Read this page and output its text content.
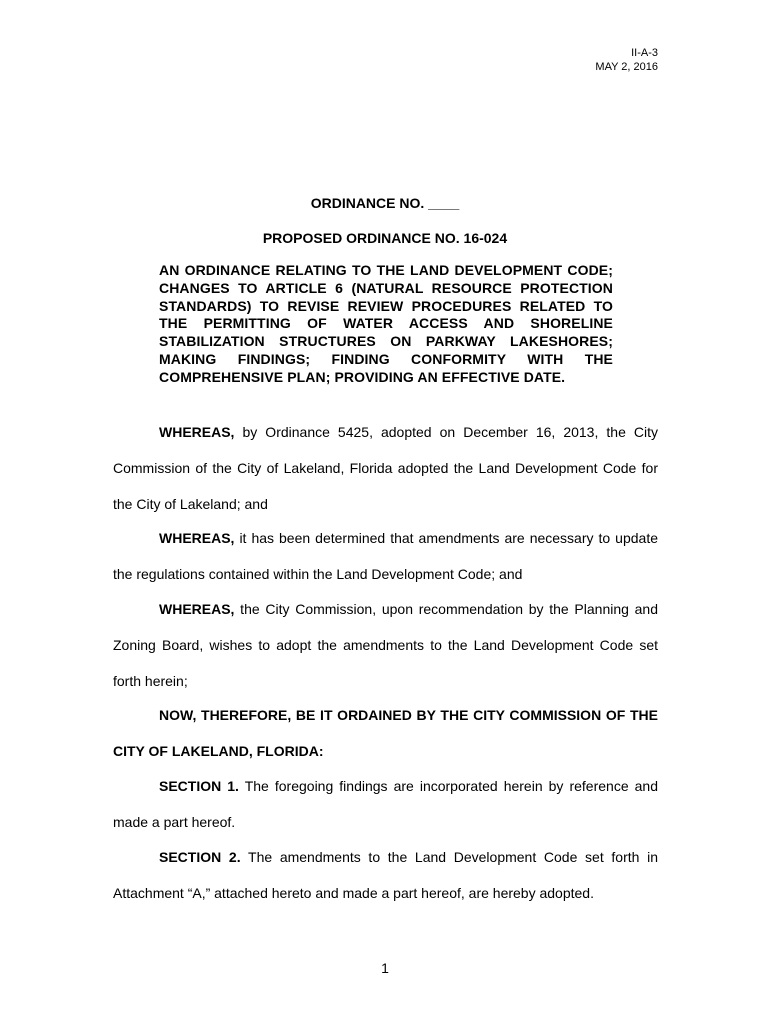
II-A-3
MAY 2, 2016
ORDINANCE NO. ____
PROPOSED ORDINANCE NO. 16-024
AN ORDINANCE RELATING TO THE LAND DEVELOPMENT CODE; CHANGES TO ARTICLE 6 (NATURAL RESOURCE PROTECTION STANDARDS) TO REVISE REVIEW PROCEDURES RELATED TO THE PERMITTING OF WATER ACCESS AND SHORELINE STABILIZATION STRUCTURES ON PARKWAY LAKESHORES; MAKING FINDINGS; FINDING CONFORMITY WITH THE COMPREHENSIVE PLAN; PROVIDING AN EFFECTIVE DATE.
WHEREAS, by Ordinance 5425, adopted on December 16, 2013, the City Commission of the City of Lakeland, Florida adopted the Land Development Code for the City of Lakeland; and
WHEREAS, it has been determined that amendments are necessary to update the regulations contained within the Land Development Code; and
WHEREAS, the City Commission, upon recommendation by the Planning and Zoning Board, wishes to adopt the amendments to the Land Development Code set forth herein;
NOW, THEREFORE, BE IT ORDAINED BY THE CITY COMMISSION OF THE CITY OF LAKELAND, FLORIDA:
SECTION 1. The foregoing findings are incorporated herein by reference and made a part hereof.
SECTION 2. The amendments to the Land Development Code set forth in Attachment “A,” attached hereto and made a part hereof, are hereby adopted.
1
